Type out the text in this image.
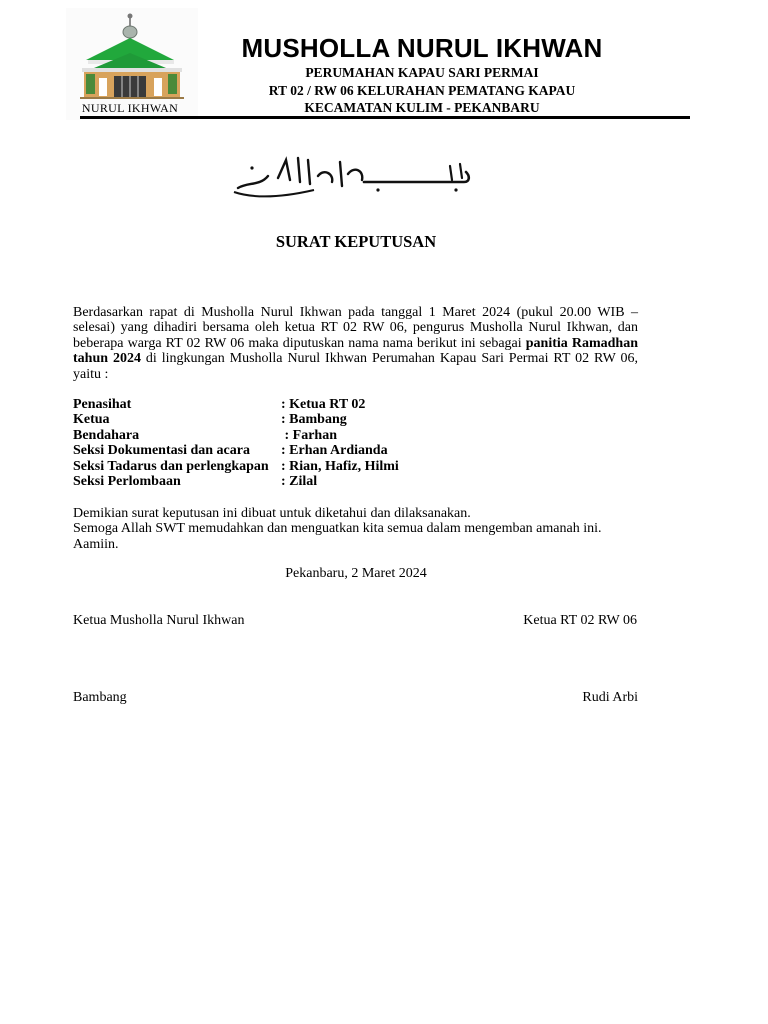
NURUL IKHWAN
MUSHOLLA NURUL IKHWAN
PERUMAHAN KAPAU SARI PERMAI
RT 02 / RW 06 KELURAHAN PEMATANG KAPAU
KECAMATAN KULIM - PEKANBARU
SURAT KEPUTUSAN

Berdasarkan rapat di Musholla Nurul Ikhwan pada tanggal 1 Maret 2024 (pukul 20.00 WIB – selesai) yang dihadiri bersama oleh ketua RT 02 RW 06, pengurus Musholla Nurul Ikhwan, dan beberapa warga RT 02 RW 06 maka diputuskan nama nama berikut ini sebagai panitia Ramadhan tahun 2024 di lingkungan Musholla Nurul Ikhwan Perumahan Kapau Sari Permai RT 02 RW 06, yaitu :

Penasihat	: Ketua RT 02
Ketua	: Bambang
Bendahara	: Farhan
Seksi Dokumentasi dan acara : Erhan Ardianda
Seksi Tadarus dan perlengkapan : Rian, Hafiz, Hilmi
Seksi Perlombaan	: Zilal
Demikian surat keputusan ini dibuat untuk diketahui dan dilaksanakan.
Semoga Allah SWT memudahkan dan menguatkan kita semua dalam mengemban amanah ini.
Aamiin.
Pekanbaru, 2 Maret 2024
Ketua Musholla Nurul Ikhwan	Ketua RT 02 RW 06
Bambang	Rudi Arbi
